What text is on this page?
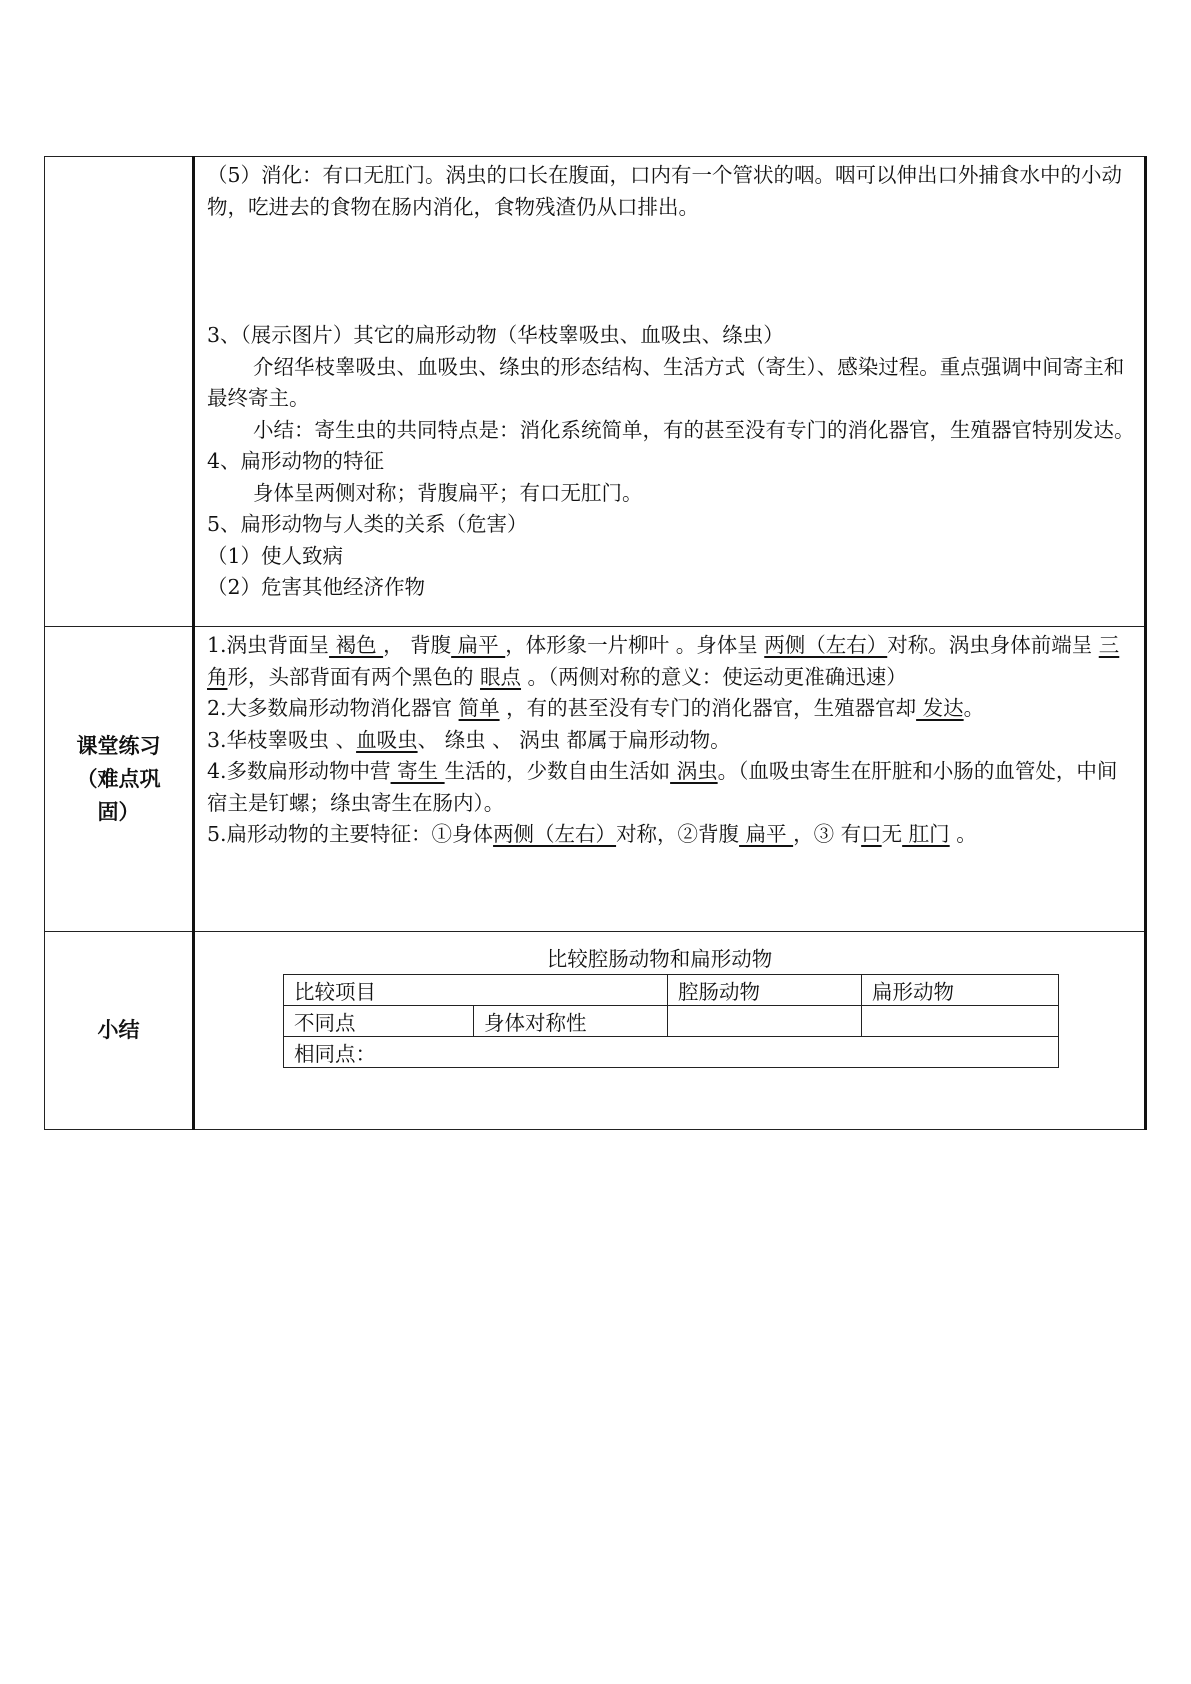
（5）消化：有口无肛门。涡虫的口长在腹面，口内有一个管状的咽。咽可以伸出口外捕食水中的小动物，吃进去的食物在肠内消化，食物残渣仍从口排出。

3、（展示图片）其它的扁形动物（华枝睾吸虫、血吸虫、绦虫）

介绍华枝睾吸虫、血吸虫、绦虫的形态结构、生活方式（寄生）、感染过程。重点强调中间寄主和最终寄主。

小结：寄生虫的共同特点是：消化系统简单，有的甚至没有专门的消化器官，生殖器官特别发达。

4、扁形动物的特征

身体呈两侧对称；背腹扁平；有口无肛门。

5、扁形动物与人类的关系（危害）

（1）使人致病

（2）危害其他经济作物

课堂练习（难点巩固）

1.涡虫背面呈 褐色 ， 背腹 扁平 ，体形象一片柳叶 。身体呈 两侧（左右）对称。涡虫身体前端呈 三角形，头部背面有两个黑色的 眼点 。（两侧对称的意义：使运动更准确迅速）

2.大多数扁形动物消化器官 简单 ，有的甚至没有专门的消化器官，生殖器官却 发达。

3.华枝睾吸虫 、血吸虫、 绦虫 、 涡虫 都属于扁形动物。

4.多数扁形动物中营 寄生 生活的，少数自由生活如 涡虫。（血吸虫寄生在肝脏和小肠的血管处，中间宿主是钉螺；绦虫寄生在肠内）。

5.扁形动物的主要特征：①身体两侧（左右）对称，②背腹 扁平 ，③ 有口无 肛门 。

小结	
比较腔肠动物和扁形动物
比较项目	腔肠动物	扁形动物
不同点	身体对称性		
相同点：
